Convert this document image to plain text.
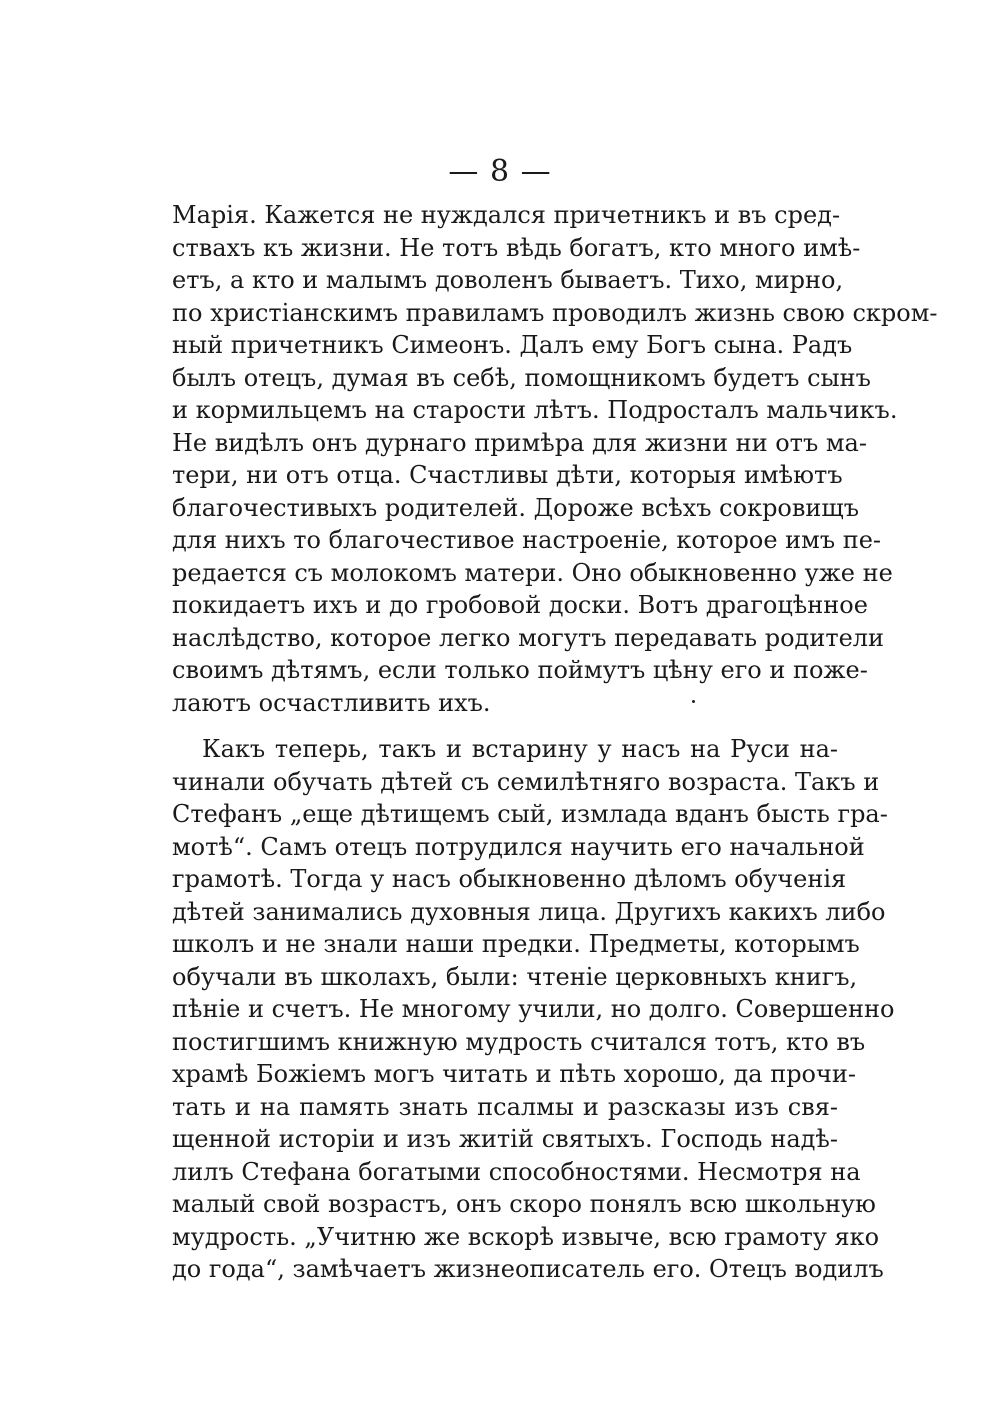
— 8 —
Марія. Кажется не нуждался причетникъ и въ сред-
ствахъ къ жизни. Не тотъ вѣдь богатъ, кто много имѣ-
етъ, а кто и малымъ доволенъ бываетъ. Тихо, мирно,
по христіанскимъ правиламъ проводилъ жизнь свою скром-
ный причетникъ Симеонъ. Далъ ему Богъ сына. Радъ
былъ отецъ, думая въ себѣ, помощникомъ будетъ сынъ
и кормильцемъ на старости лѣтъ. Подросталъ мальчикъ.
Не видѣлъ онъ дурнаго примѣра для жизни ни отъ ма-
тери, ни отъ отца. Счастливы дѣти, которыя имѣютъ
благочестивыхъ родителей. Дороже всѣхъ сокровищъ
для нихъ то благочестивое настроеніе, которое имъ пе-
редается съ молокомъ матери. Оно обыкновенно уже не
покидаетъ ихъ и до гробовой доски. Вотъ драгоцѣнное
наслѣдство, которое легко могутъ передавать родители
своимъ дѣтямъ, если только поймутъ цѣну его и поже-
лаютъ осчастливить ихъ.
Какъ теперь, такъ и встарину у насъ на Руси на-
чинали обучать дѣтей съ семилѣтняго возраста. Такъ и
Стефанъ „еще дѣтищемъ сый, измлада вданъ бысть гра-
мотѣ“. Самъ отецъ потрудился научить его начальной
грамотѣ. Тогда у насъ обыкновенно дѣломъ обученія
дѣтей занимались духовныя лица. Другихъ какихъ либо
школъ и не знали наши предки. Предметы, которымъ
обучали въ школахъ, были: чтеніе церковныхъ книгъ,
пѣніе и счетъ. Не многому учили, но долго. Совершенно
постигшимъ книжную мудрость считался тотъ, кто въ
храмѣ Божіемъ могъ читать и пѣть хорошо, да прочи-
тать и на память знать псалмы и разсказы изъ свя-
щенной исторіи и изъ житій святыхъ. Господь надѣ-
лилъ Стефана богатыми способностями. Несмотря на
малый свой возрастъ, онъ скоро понялъ всю школьную
мудрость. „Учитню же вскорѣ извыче, всю грамоту яко
до года“, замѣчаетъ жизнеописатель его. Отецъ водилъ
